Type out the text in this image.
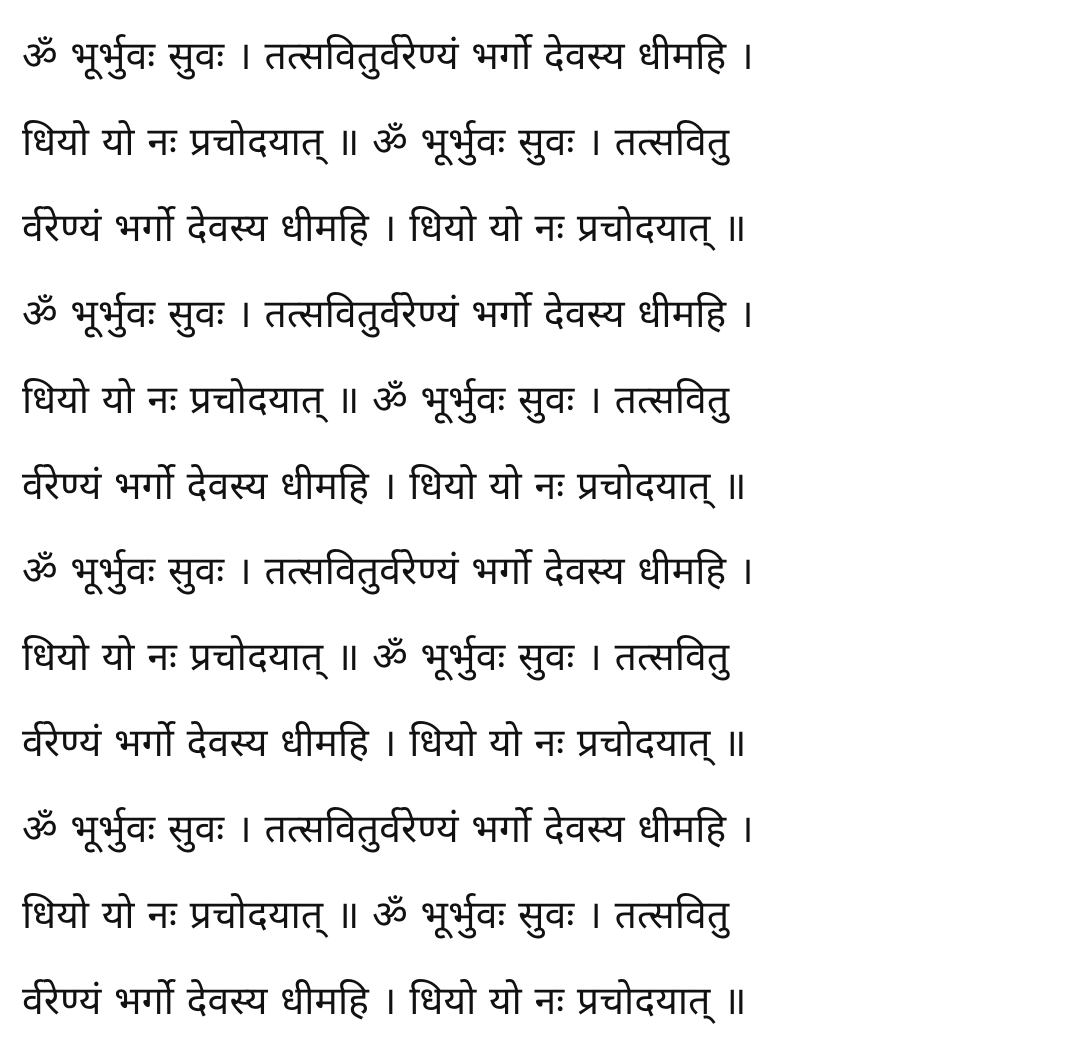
ॐ भूर्भुवः सुवः । तत्सवितुर्वरेण्यं भर्गो देवस्य धीमहि ।
धियो यो नः प्रचोदयात् ॥ ॐ भूर्भुवः सुवः । तत्सवितु
र्वरेण्यं भर्गो देवस्य धीमहि । धियो यो नः प्रचोदयात् ॥
ॐ भूर्भुवः सुवः । तत्सवितुर्वरेण्यं भर्गो देवस्य धीमहि ।
धियो यो नः प्रचोदयात् ॥ ॐ भूर्भुवः सुवः । तत्सवितु
र्वरेण्यं भर्गो देवस्य धीमहि । धियो यो नः प्रचोदयात् ॥
ॐ भूर्भुवः सुवः । तत्सवितुर्वरेण्यं भर्गो देवस्य धीमहि ।
धियो यो नः प्रचोदयात् ॥ ॐ भूर्भुवः सुवः । तत्सवितु
र्वरेण्यं भर्गो देवस्य धीमहि । धियो यो नः प्रचोदयात् ॥
ॐ भूर्भुवः सुवः । तत्सवितुर्वरेण्यं भर्गो देवस्य धीमहि ।
धियो यो नः प्रचोदयात् ॥ ॐ भूर्भुवः सुवः । तत्सवितु
र्वरेण्यं भर्गो देवस्य धीमहि । धियो यो नः प्रचोदयात् ॥
